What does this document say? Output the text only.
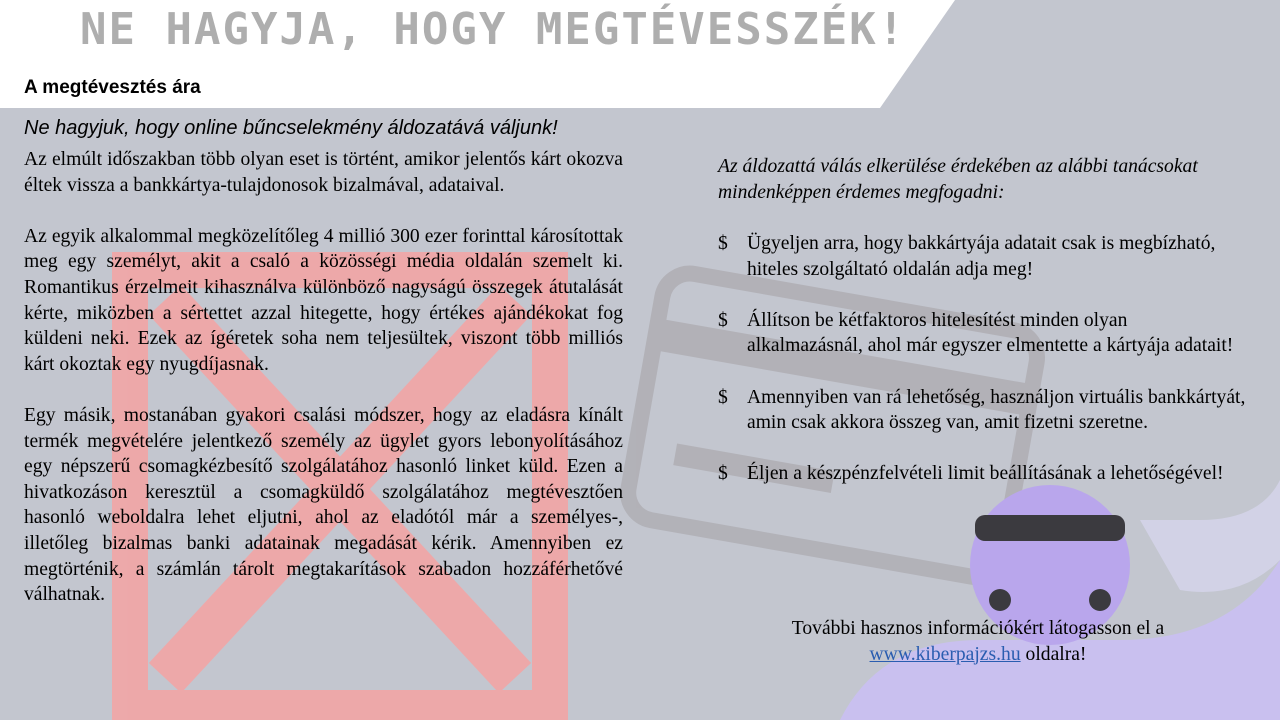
NE HAGYJA, HOGY MEGTÉVESSZÉK!
A megtévesztés ára
Ne hagyjuk, hogy online bűncselekmény áldozatává váljunk!

Az elmúlt időszakban több olyan eset is történt, amikor jelentős kárt okozva éltek vissza a bankkártya-tulajdonosok bizalmával, adataival.

Az egyik alkalommal megközelítőleg 4 millió 300 ezer forinttal károsítottak meg egy személyt, akit a csaló a közösségi média oldalán szemelt ki. Romantikus érzelmeit kihasználva különböző nagyságú összegek átutalását kérte, miközben a sértettet azzal hitegette, hogy értékes ajándékokat fog küldeni neki. Ezek az ígéretek soha nem teljesültek, viszont több milliós kárt okoztak egy nyugdíjasnak.

Egy másik, mostanában gyakori csalási módszer, hogy az eladásra kínált termék megvételére jelentkező személy az ügylet gyors lebonyolításához egy népszerű csomagkézbesítő szolgálatához hasonló linket küld. Ezen a hivatkozáson keresztül a csomagküldő szolgálatához megtévesztően hasonló weboldalra lehet eljutni, ahol az eladótól már a személyes-, illetőleg bizalmas banki adatainak megadását kérik. Amennyiben ez megtörténik, a számlán tárolt megtakarítások szabadon hozzáférhetővé válhatnak.

Az áldozattá válás elkerülése érdekében az alábbi tanácsokat mindenképpen érdemes megfogadni:
$ Ügyeljen arra, hogy bakkártyája adatait csak is megbízható, hiteles szolgáltató oldalán adja meg!
$ Állítson be kétfaktoros hitelesítést minden olyan alkalmazásnál, ahol már egyszer elmentette a kártyája adatait!
$ Amennyiben van rá lehetőség, használjon virtuális bankkártyát, amin csak akkora összeg van, amit fizetni szeretne.
$ Éljen a készpénzfelvételi limit beállításának a lehetőségével!
További hasznos információkért látogasson el a
www.kiberpajzs.hu oldalra!
